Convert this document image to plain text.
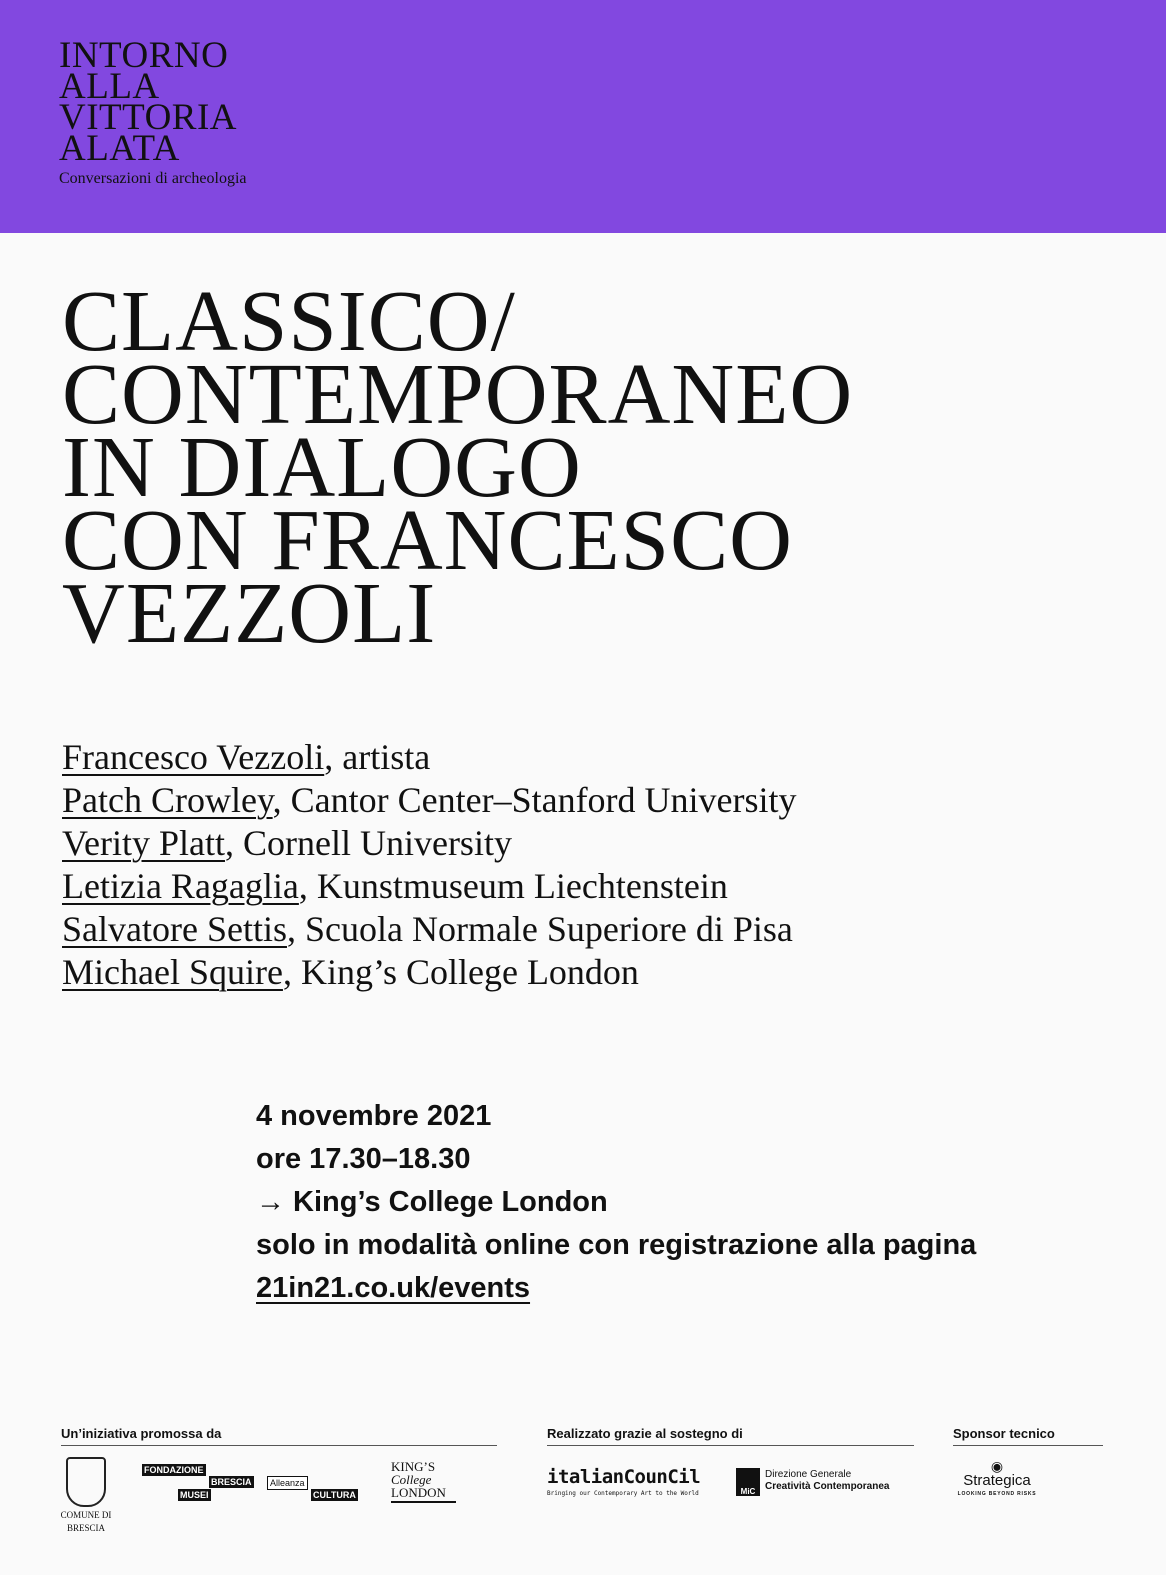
INTORNO
ALLA
VITTORIA
ALATA
Conversazioni di archeologia
CLASSICO/
CONTEMPORANEO
IN DIALOGO
CON FRANCESCO
VEZZOLI
Francesco Vezzoli, artista
Patch Crowley, Cantor Center–Stanford University
Verity Platt, Cornell University
Letizia Ragaglia, Kunstmuseum Liechtenstein
Salvatore Settis, Scuola Normale Superiore di Pisa
Michael Squire, King’s College London
4 novembre 2021
ore 17.30–18.30
→ King’s College London
solo in modalità online con registrazione alla pagina
21in21.co.uk/events
Un’iniziativa promossa da	Realizzato grazie al sostegno di	Sponsor tecnico
COMUNE DI
BRESCIA
FONDAZIONE
BRESCIA
MUSEI
Alleanza
CULTURA
KING’S
College
LONDON
italianCounCil
Bringing our Contemporary Art to the World	MiC
Direzione Generale
Creatività Contemporanea
◉
Strategica
LOOKING BEYOND RISKS
